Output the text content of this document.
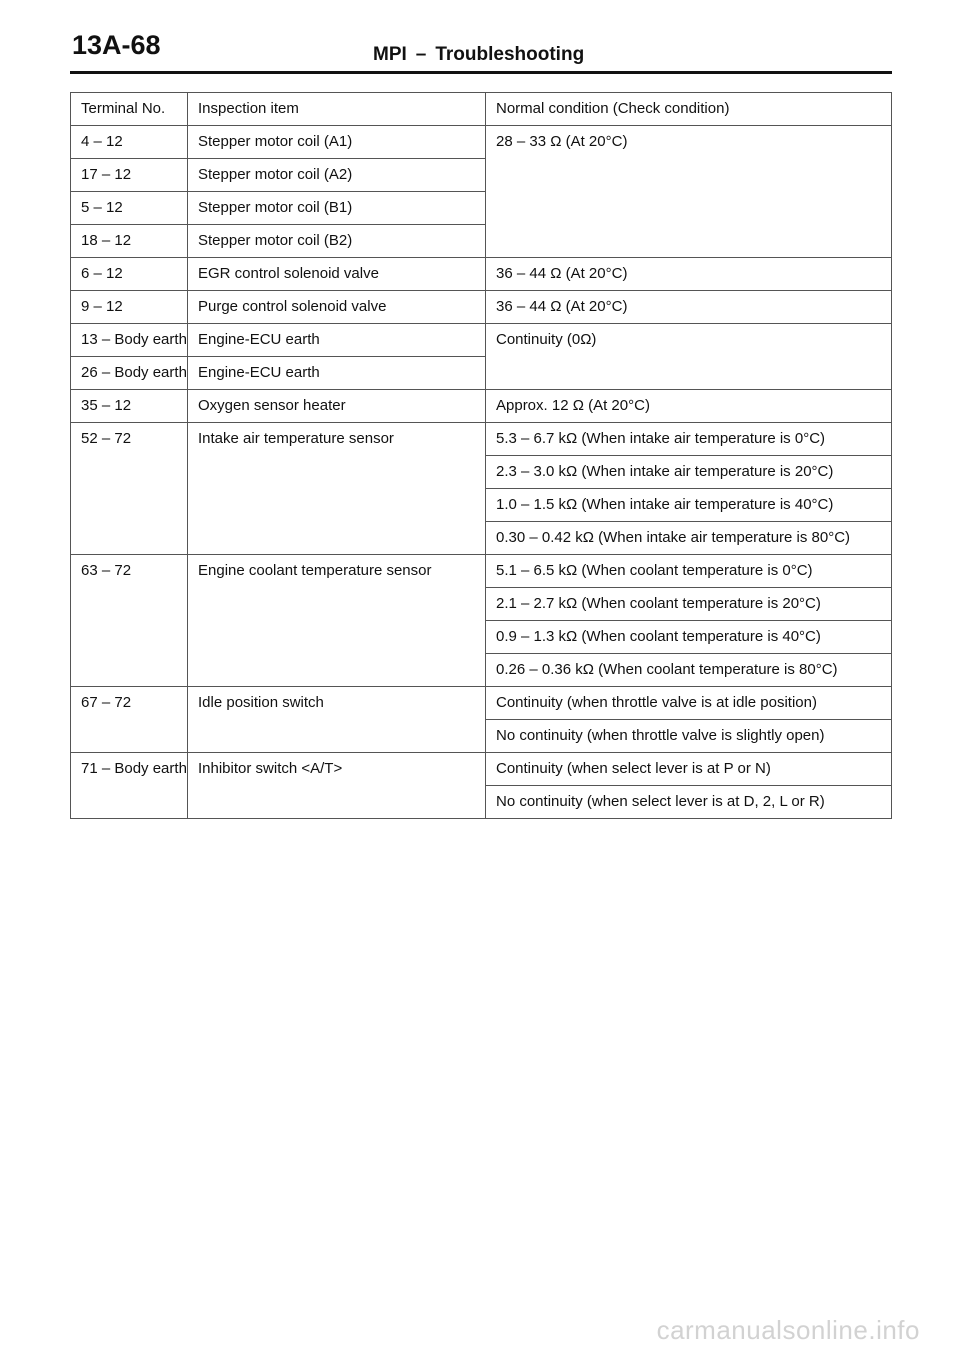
13A-68	MPI – Troubleshooting
Terminal No.	Inspection item	Normal condition (Check condition)
4 – 12	Stepper motor coil (A1)	28 – 33 Ω (At 20°C)
17 – 12	Stepper motor coil (A2)	
5 – 12	Stepper motor coil (B1)	
18 – 12	Stepper motor coil (B2)	
6 – 12	EGR control solenoid valve	36 – 44 Ω (At 20°C)
9 – 12	Purge control solenoid valve	36 – 44 Ω (At 20°C)
13 – Body earth	Engine-ECU earth	Continuity (0Ω)
26 – Body earth	Engine-ECU earth	
35 – 12	Oxygen sensor heater	Approx. 12 Ω (At 20°C)
52 – 72	Intake air temperature sensor	5.3 – 6.7 kΩ (When intake air temperature is 0°C)
		2.3 – 3.0 kΩ (When intake air temperature is 20°C)
		1.0 – 1.5 kΩ (When intake air temperature is 40°C)
		0.30 – 0.42 kΩ (When intake air temperature is 80°C)
63 – 72	Engine coolant temperature sensor	5.1 – 6.5 kΩ (When coolant temperature is 0°C)
		2.1 – 2.7 kΩ (When coolant temperature is 20°C)
		0.9 – 1.3 kΩ (When coolant temperature is 40°C)
		0.26 – 0.36 kΩ (When coolant temperature is 80°C)
67 – 72	Idle position switch	Continuity (when throttle valve is at idle position)
		No continuity (when throttle valve is slightly open)
71 – Body earth	Inhibitor switch <A/T>	Continuity (when select lever is at P or N)
		No continuity (when select lever is at D, 2, L or R)
carmanualsonline.info
